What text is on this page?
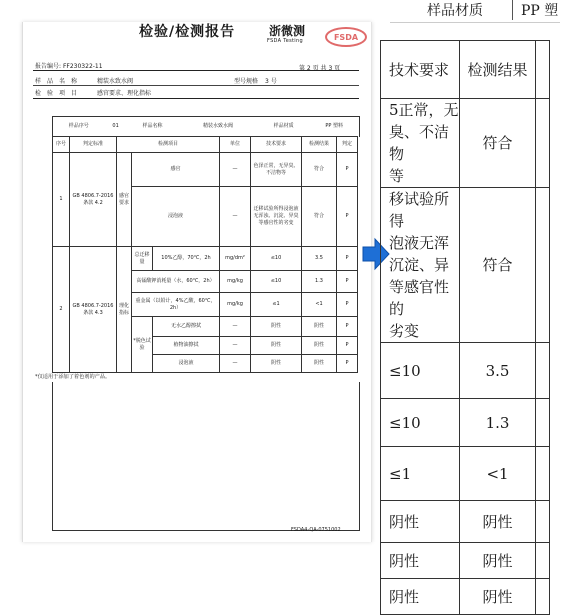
检验/检测报告	浙微测
FSDA Testing	FSDA
报告编号: FF230322-11	第 2 页 共 3 页
样　品　名　称	精装水致水阀	型号规格 3 号
检　验　项　目	感官要求、理化指标
样品序号	01	样品名称	精装水致水阀	样品材质	PP 塑料
序号	判定标准	检测项目			单位	技术要求	检测结果	判定
1	GB 4806.7-2016 条款 4.2	感官要求	感官		—	色泽正常，无异臭、不洁物等	符合	P
			浸泡液		—	迁移试验所得浸泡液无浑浊、沉淀、异臭等感官性的劣变	符合	P
2	GB 4806.7-2016 条款 4.3	理化指标	总迁移量	10%乙醇，70℃，2h	mg/dm²	≤10	3.5	P
			高锰酸钾消耗量（水，60℃，2h）		mg/kg	≤10	1.3	P
			重金属（以铅计，4%乙酸，60℃，2h）		mg/kg	≤1	<1	P
			*脱色试验	无水乙醇擦拭	—	阴性	阴性	P
				植物油擦拭	—	阴性	阴性	P
				浸泡液	—	阴性	阴性	P
*仅适用于添加了着色剂的产品。
FSDA4-QA-0751002
样品材质	PP 塑
技术要求	检测结果	
5正常，无
臭、不洁物
等	符合	
移试验所得
泡液无浑
沉淀、异
等感官性的
劣变	符合	
≤10	3.5	
≤10	1.3	
≤1	<1	
阴性	阴性	
阴性	阴性	
阴性	阴性	
